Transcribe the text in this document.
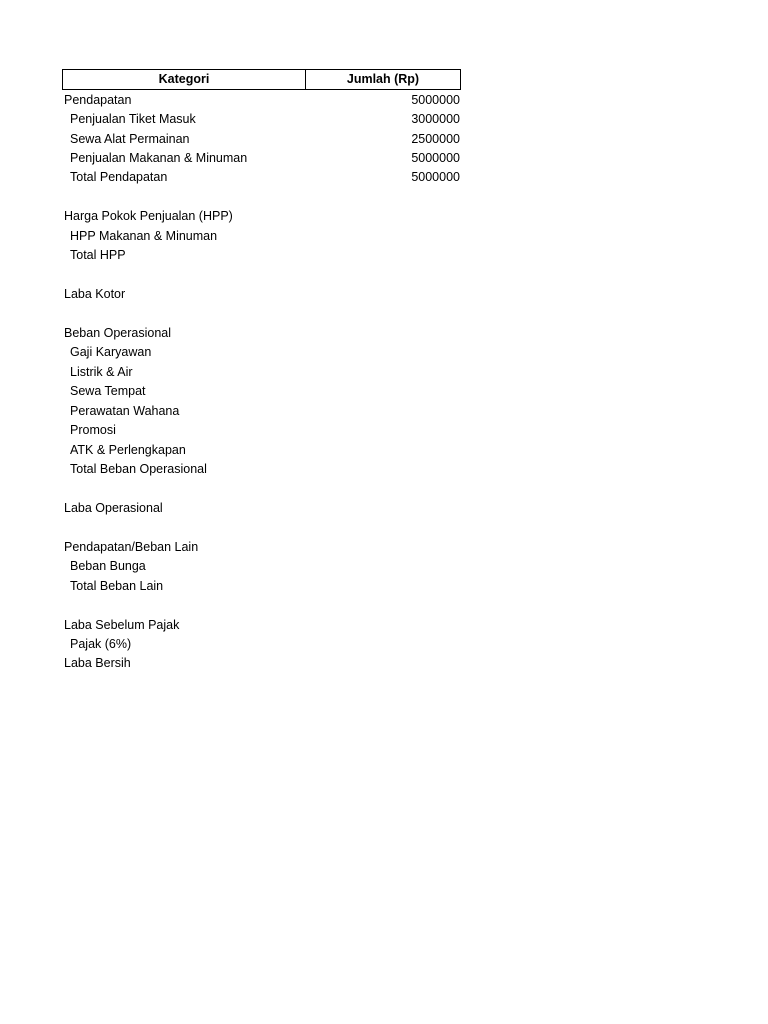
Kategori	Jumlah (Rp)
Pendapatan	5000000
Penjualan Tiket Masuk	3000000
Sewa Alat Permainan	2500000
Penjualan Makanan & Minuman	5000000
Total Pendapatan	5000000
Harga Pokok Penjualan (HPP)
HPP Makanan & Minuman
Total HPP
Laba Kotor
Beban Operasional
Gaji Karyawan
Listrik & Air
Sewa Tempat
Perawatan Wahana
Promosi
ATK & Perlengkapan
Total Beban Operasional
Laba Operasional
Pendapatan/Beban Lain
Beban Bunga
Total Beban Lain
Laba Sebelum Pajak
Pajak (6%)
Laba Bersih
